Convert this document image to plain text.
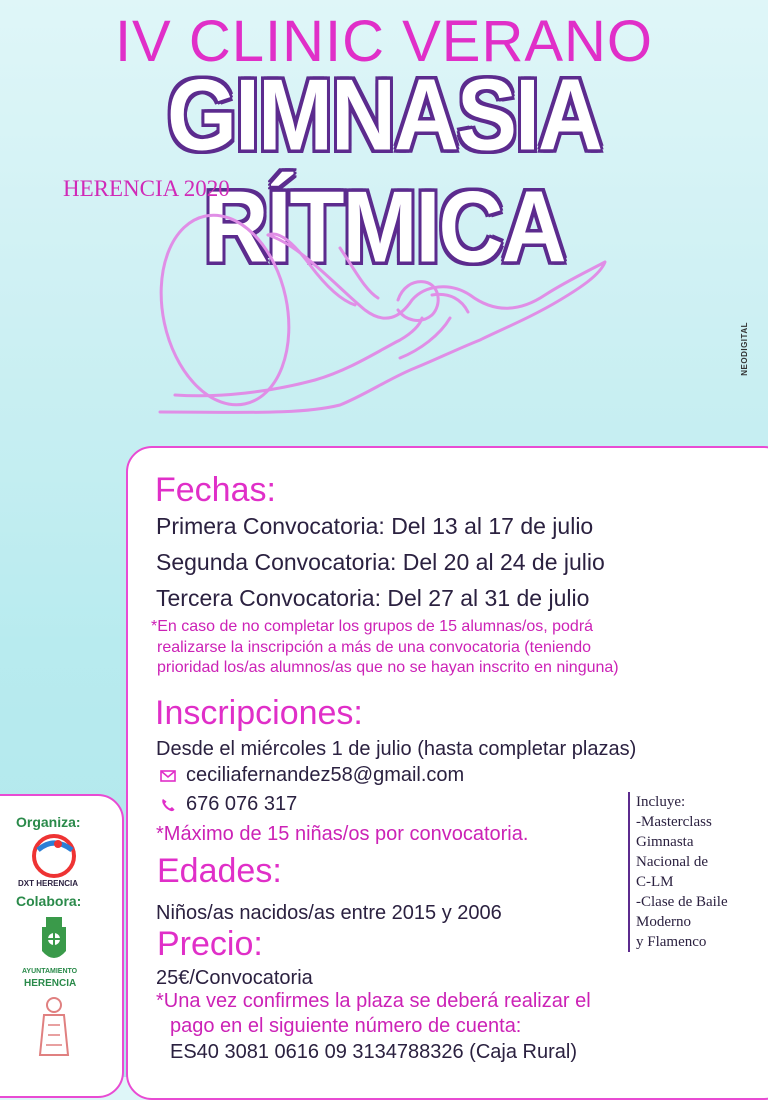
IV CLINIC VERANO
GIMNASIA RÍTMICA
HERENCIA 2020
NEODIGITAL
Fechas:
Primera Convocatoria: Del 13 al 17 de julio
Segunda Convocatoria: Del 20 al 24 de julio
Tercera Convocatoria: Del 27 al 31 de julio
*En caso de no completar los grupos de 15 alumnas/os, podrá
realizarse la inscripción a más de una convocatoria (teniendo
prioridad los/as alumnos/as que no se hayan inscrito en ninguna)
Inscripciones:
Desde el miércoles 1 de julio (hasta completar plazas)
ceciliafernandez58@gmail.com
676 076 317
*Máximo de 15 niñas/os por convocatoria.
Incluye:
-Masterclass
Gimnasta
Nacional de
C-LM
-Clase de Baile
Moderno
y Flamenco
Edades:
Niños/as nacidos/as entre 2015 y 2006
Precio:
25€/Convocatoria
*Una vez confirmes la plaza se deberá realizar el
pago en el siguiente número de cuenta:
ES40 3081 0616 09 3134788326 (Caja Rural)
Organiza:
DXT HERENCIA
Colabora:
AYUNTAMIENTO
HERENCIA
